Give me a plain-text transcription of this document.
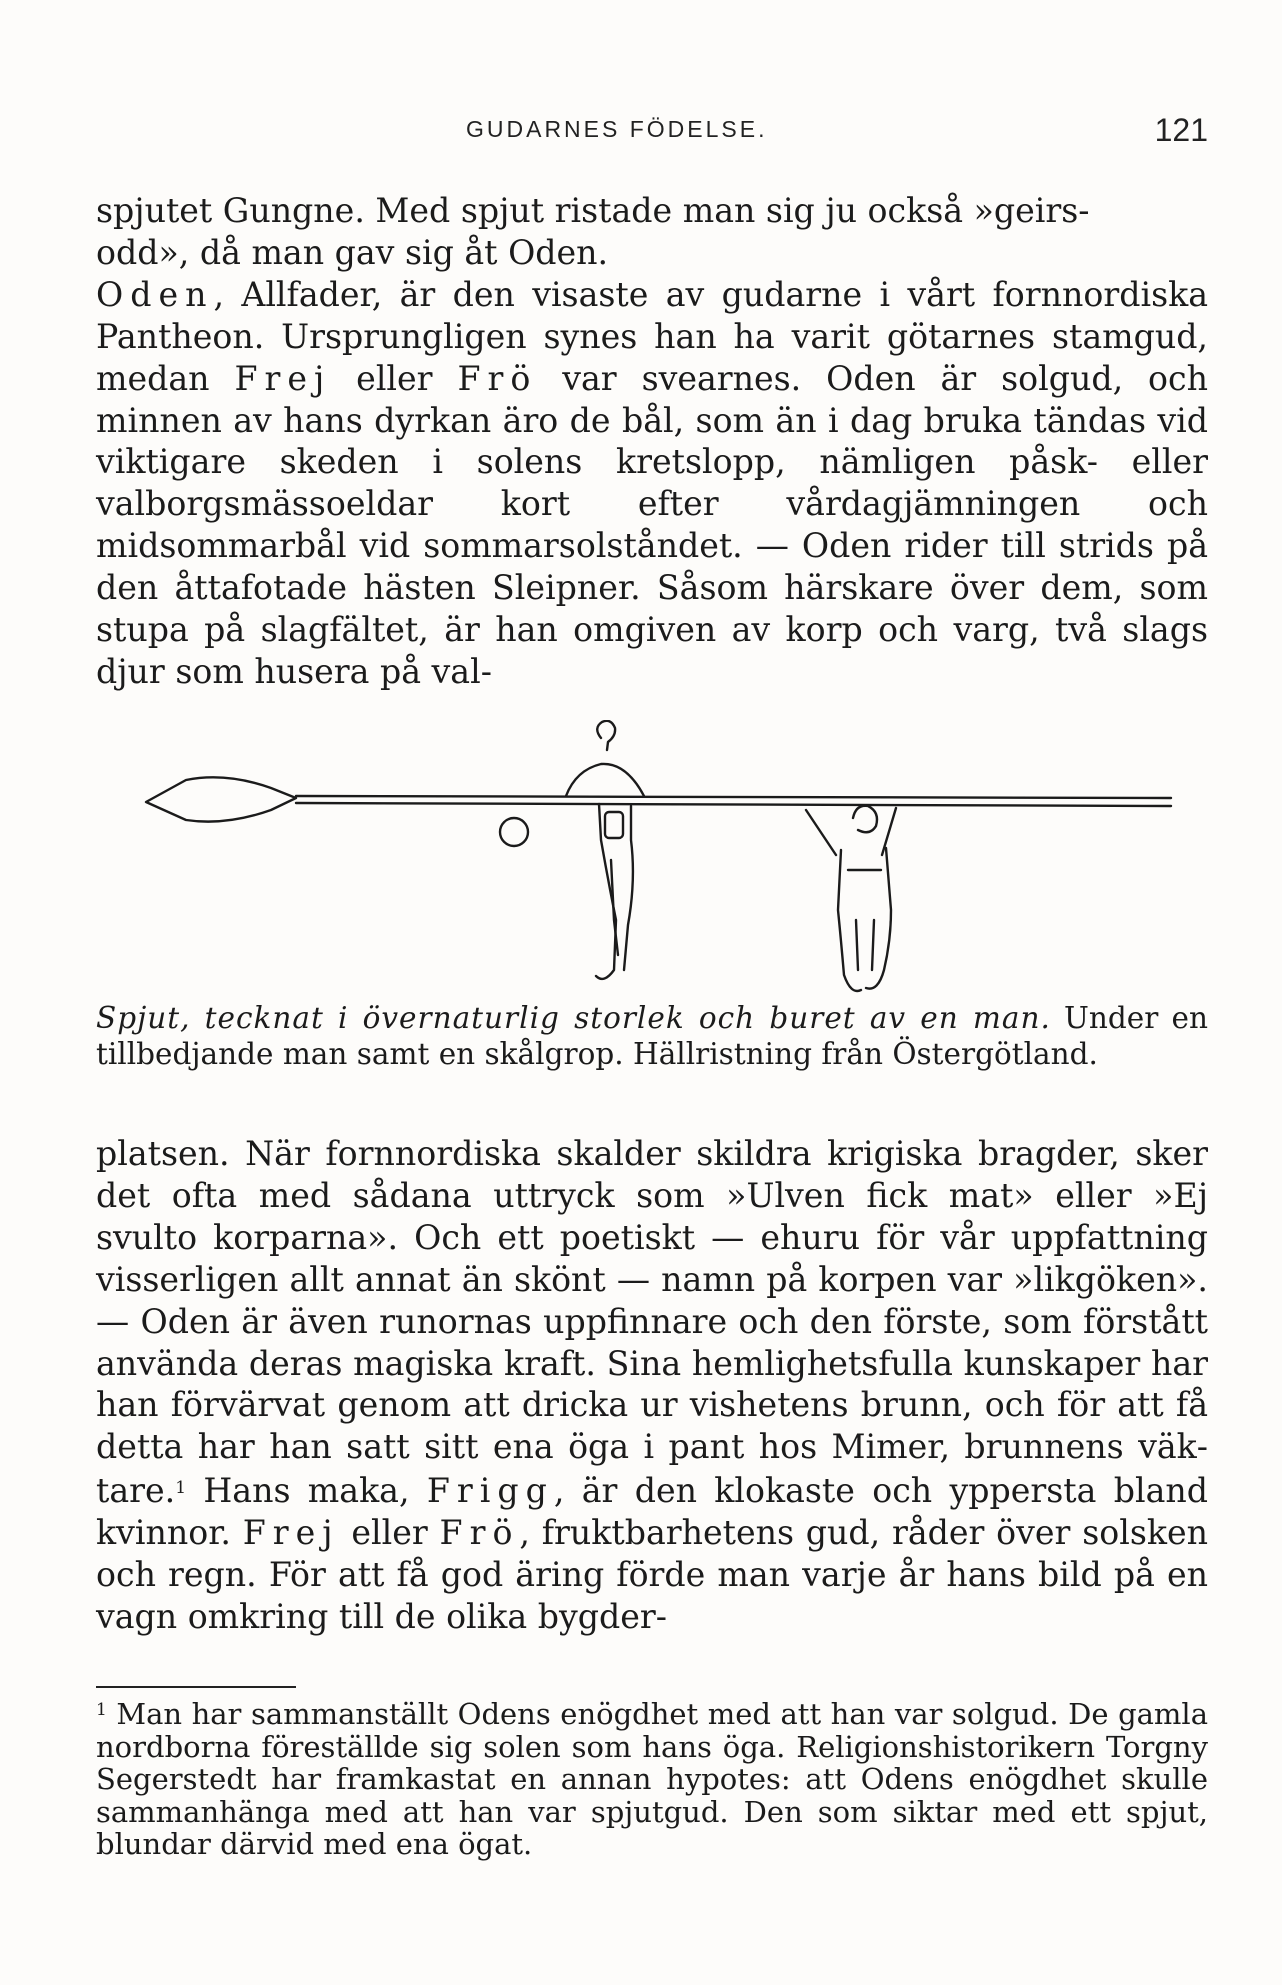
GUDARNES FÖDELSE.	121

spjutet Gungne. Med spjut ristade man sig ju också »geirs-
odd», då man gav sig åt Oden.

Oden, Allfader, är den visaste av gudarne i vårt fornnordiska Pantheon. Ursprungligen synes han ha varit götarnes stamgud, medan Frej eller Frö var svearnes. Oden är solgud, och minnen av hans dyrkan äro de bål, som än i dag bruka tändas vid viktigare skeden i solens kretslopp, nämligen påsk- eller valborgsmässoeldar kort efter vårdagjämningen och midsommarbål vid sommarsolståndet. — Oden rider till strids på den åttafotade hästen Sleipner. Såsom härskare över dem, som stupa på slagfältet, är han omgiven av korp och varg, två slags djur som husera på val-

Spjut, tecknat i övernaturlig storlek och buret av en man. Under en tillbedjande man samt en skålgrop. Hällristning från Östergötland.

platsen. När fornnordiska skalder skildra krigiska bragder, sker det ofta med sådana uttryck som »Ulven fick mat» eller »Ej svulto korparna». Och ett poetiskt — ehuru för vår uppfattning visserligen allt annat än skönt — namn på korpen var »likgöken». — Oden är även runornas uppfinnare och den förste, som förstått använda deras magiska kraft. Sina hemlighetsfulla kunskaper har han förvärvat genom att dricka ur vishetens brunn, och för att få detta har han satt sitt ena öga i pant hos Mimer, brunnens väktare.$^1$ Hans maka, Frigg, är den klokaste och yppersta bland kvinnor. Frej eller Frö, fruktbarhetens gud, råder över solsken och regn. För att få god äring förde man varje år hans bild på en vagn omkring till de olika bygder-

$^1$ Man har sammanställt Odens enögdhet med att han var solgud. De gamla nordborna föreställde sig solen som hans öga. Religionshistorikern Torgny Segerstedt har framkastat en annan hypotes: att Odens enögdhet skulle sammanhänga med att han var spjutgud. Den som siktar med ett spjut, blundar därvid med ena ögat.
